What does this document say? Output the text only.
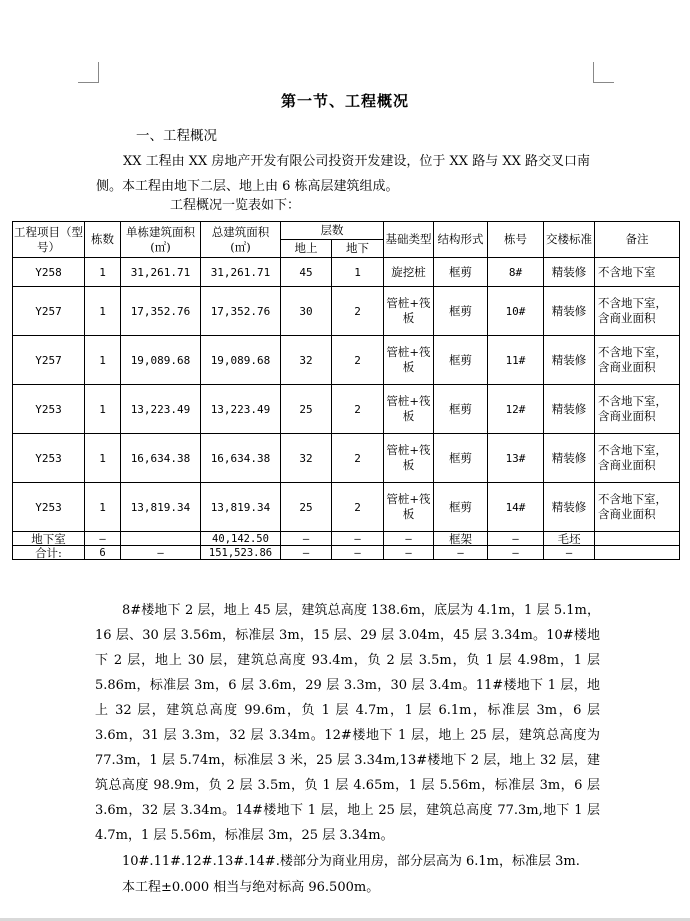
第一节、工程概况
一、工程概况
XX 工程由 XX 房地产开发有限公司投资开发建设，位于 XX 路与 XX 路交叉口南侧。本工程由地下二层、地上由 6 栋高层建筑组成。
工程概况一览表如下：
工程项目（型号）	栋数	单栋建筑面积(㎡)	总建筑面积(㎡)	层数		基础类型	结构形式	栋号	交楼标准	备注
				地上	地下					
Y258	1	31,261.71	31,261.71	45	1	旋挖桩	框剪	8#	精装修	不含地下室
Y257	1	17,352.76	17,352.76	30	2	管桩+筏板	框剪	10#	精装修	不含地下室，含商业面积
Y257	1	19,089.68	19,089.68	32	2	管桩+筏板	框剪	11#	精装修	不含地下室，含商业面积
Y253	1	13,223.49	13,223.49	25	2	管桩+筏板	框剪	12#	精装修	不含地下室，含商业面积
Y253	1	16,634.38	16,634.38	32	2	管桩+筏板	框剪	13#	精装修	不含地下室，含商业面积
Y253	1	13,819.34	13,819.34	25	2	管桩+筏板	框剪	14#	精装修	不含地下室，含商业面积
地下室	–		40,142.50	–	–	–	框架	–	毛坯	
合计:	6	–	151,523.86	–	–	–	–	–	–	
8#楼地下 2 层，地上 45 层，建筑总高度 138.6m，底层为 4.1m，1 层 5.1m，16 层、30 层 3.56m，标准层 3m，15 层、29 层 3.04m，45 层 3.34m。10#楼地下 2 层，地上 30 层，建筑总高度 93.4m，负 2 层 3.5m，负 1 层 4.98m，1 层 5.86m，标准层 3m，6 层 3.6m，29 层 3.3m，30 层 3.4m。11#楼地下 1 层，地上 32 层，建筑总高度 99.6m，负 1 层 4.7m，1 层 6.1m，标准层 3m，6 层 3.6m，31 层 3.3m，32 层 3.34m。12#楼地下 1 层，地上 25 层，建筑总高度为 77.3m，1 层 5.74m，标准层 3 米，25 层 3.34m,13#楼地下 2 层，地上 32 层，建筑总高度 98.9m，负 2 层 3.5m，负 1 层 4.65m，1 层 5.56m，标准层 3m，6 层 3.6m，32 层 3.34m。14#楼地下 1 层，地上 25 层，建筑总高度 77.3m,地下 1 层 4.7m，1 层 5.56m，标准层 3m，25 层 3.34m。
10#.11#.12#.13#.14#.楼部分为商业用房，部分层高为 6.1m，标准层 3m.
本工程±0.000 相当与绝对标高 96.500m。
